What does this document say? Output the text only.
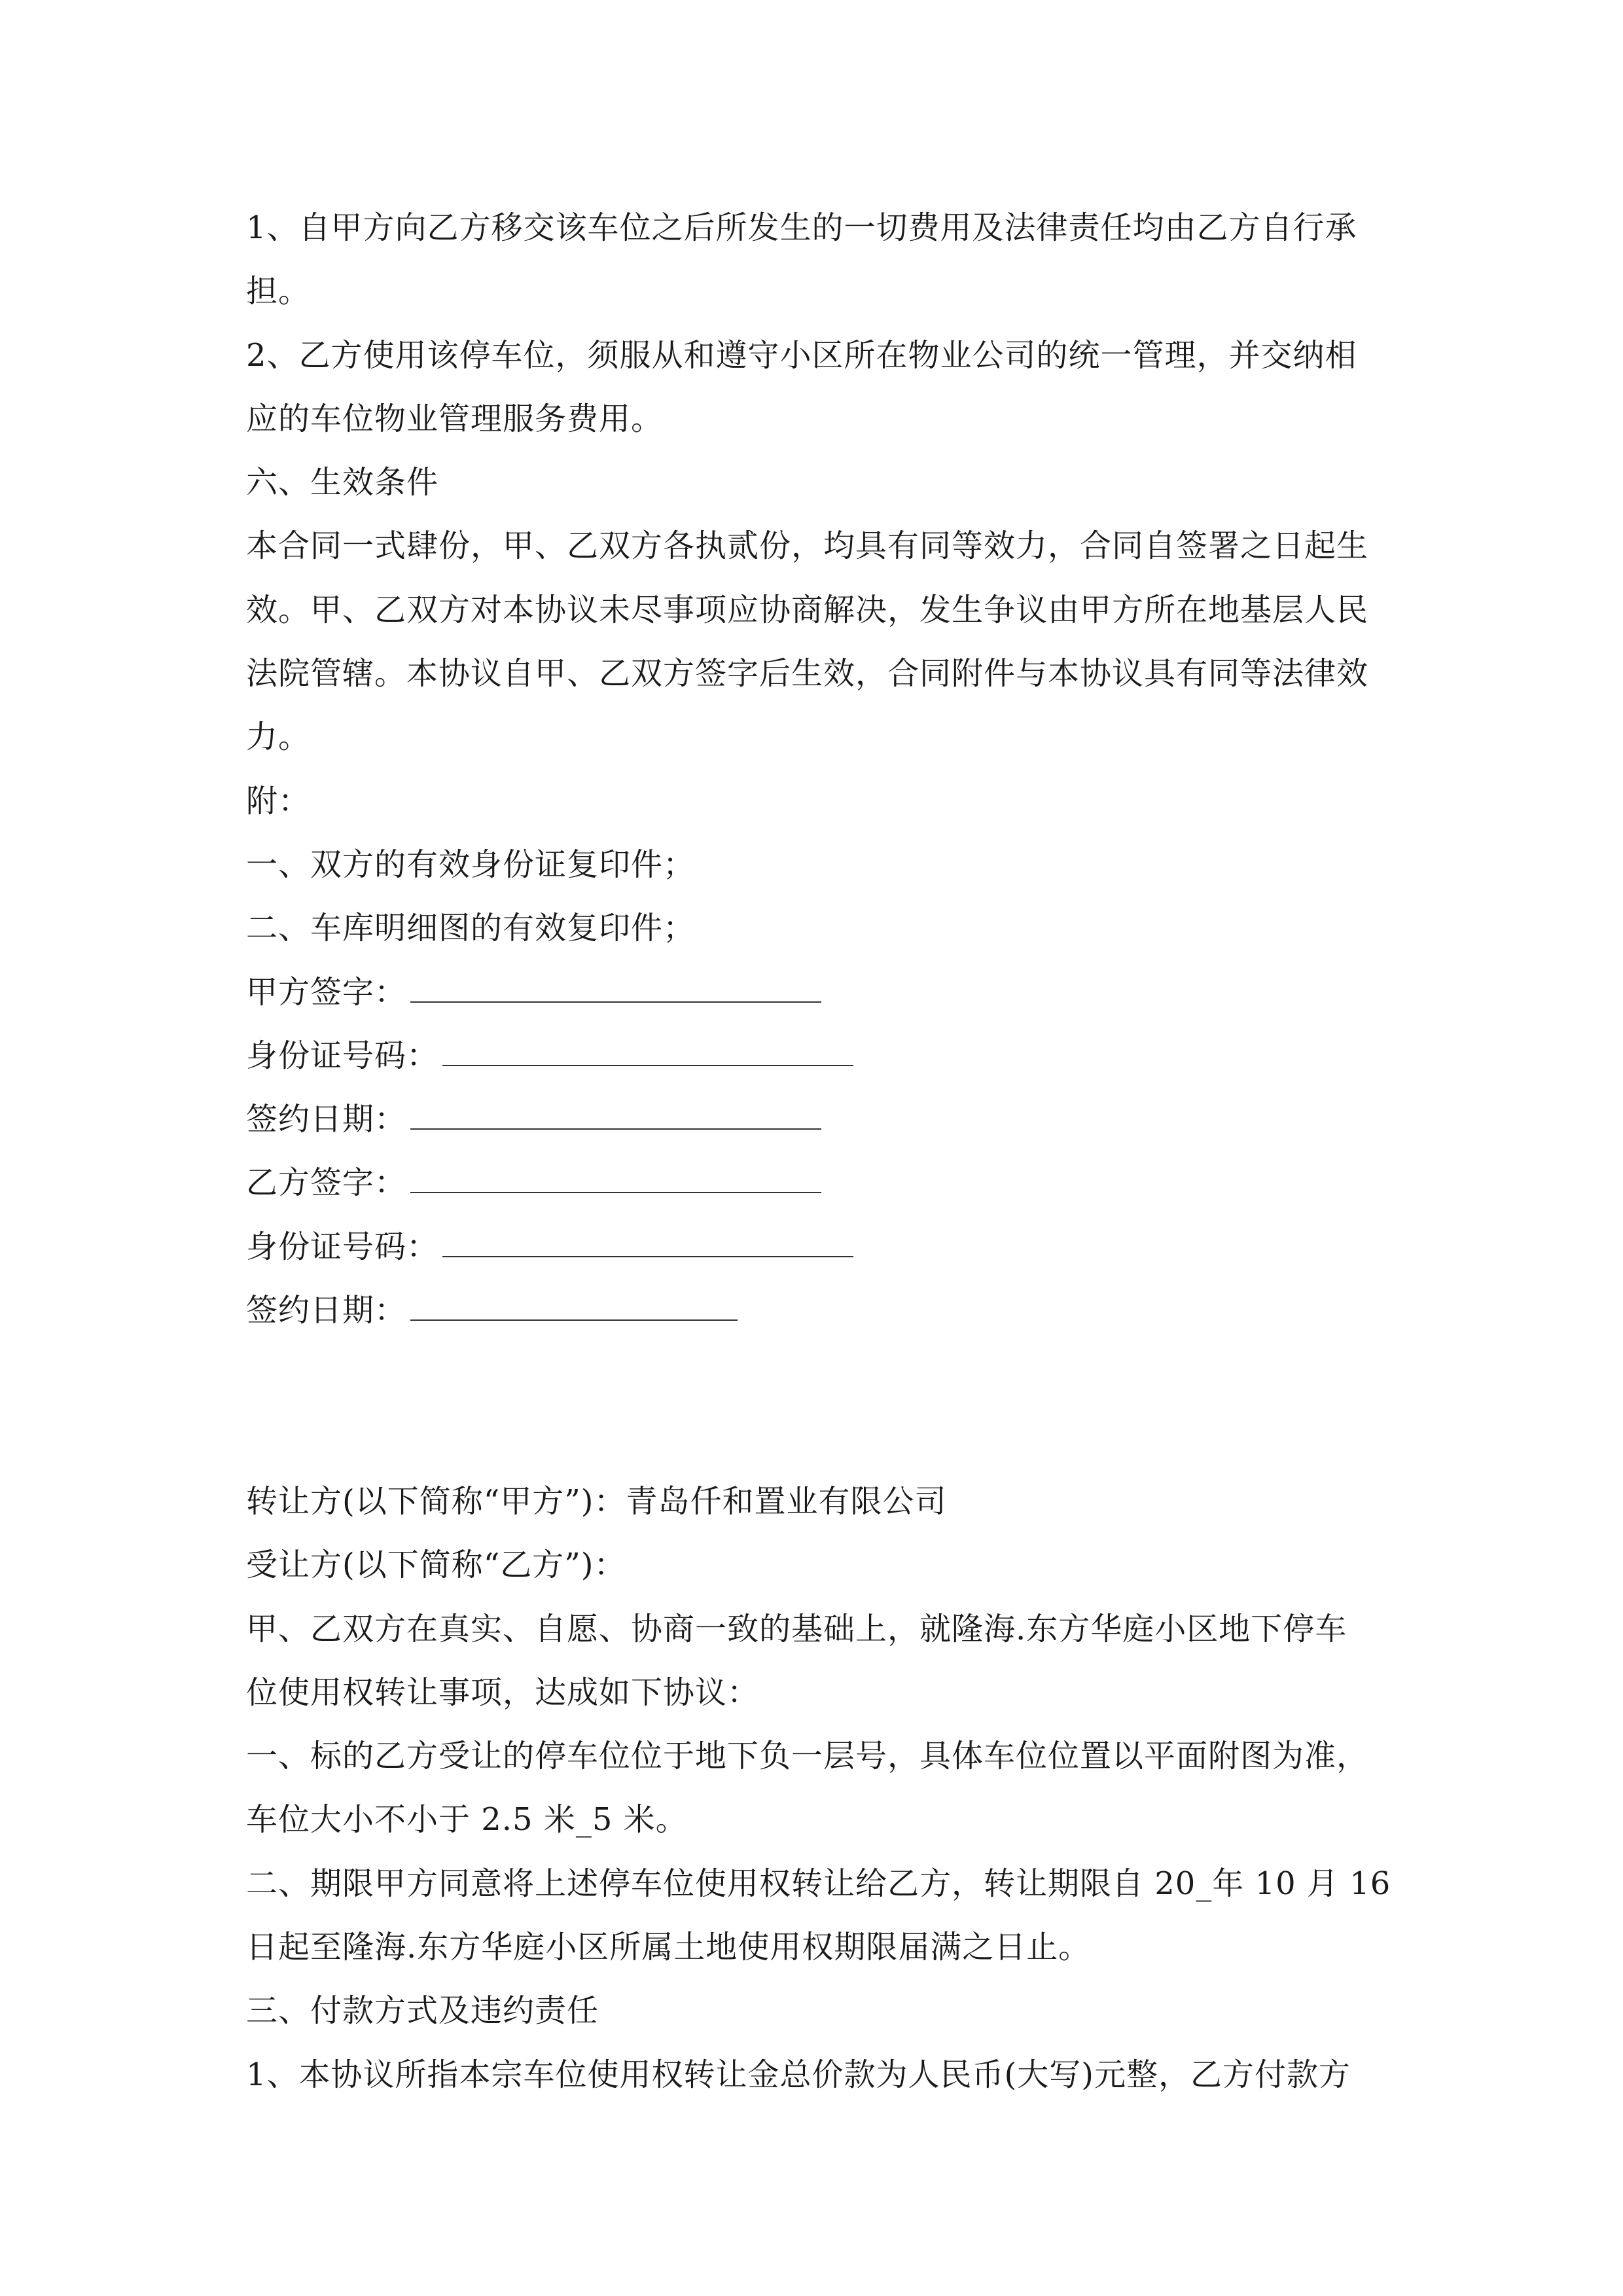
1、自甲方向乙方移交该车位之后所发生的一切费用及法律责任均由乙方自行承
担。
2、乙方使用该停车位，须服从和遵守小区所在物业公司的统一管理，并交纳相
应的车位物业管理服务费用。
六、生效条件
本合同一式肆份，甲、乙双方各执贰份，均具有同等效力，合同自签署之日起生
效。甲、乙双方对本协议未尽事项应协商解决，发生争议由甲方所在地基层人民
法院管辖。本协议自甲、乙双方签字后生效，合同附件与本协议具有同等法律效
力。
附：
一、双方的有效身份证复印件；
二、车库明细图的有效复印件；
甲方签字：
身份证号码：
签约日期：
乙方签字：
身份证号码：
签约日期：
转让方(以下简称“甲方”)：青岛仟和置业有限公司
受让方(以下简称“乙方”)：
甲、乙双方在真实、自愿、协商一致的基础上，就隆海.东方华庭小区地下停车
位使用权转让事项，达成如下协议：
一、标的乙方受让的停车位位于地下负一层号，具体车位位置以平面附图为准，
车位大小不小于 2.5 米_5 米。
二、期限甲方同意将上述停车位使用权转让给乙方，转让期限自 20_年 10 月 16
日起至隆海.东方华庭小区所属土地使用权期限届满之日止。
三、付款方式及违约责任
1、本协议所指本宗车位使用权转让金总价款为人民币(大写)元整，乙方付款方
